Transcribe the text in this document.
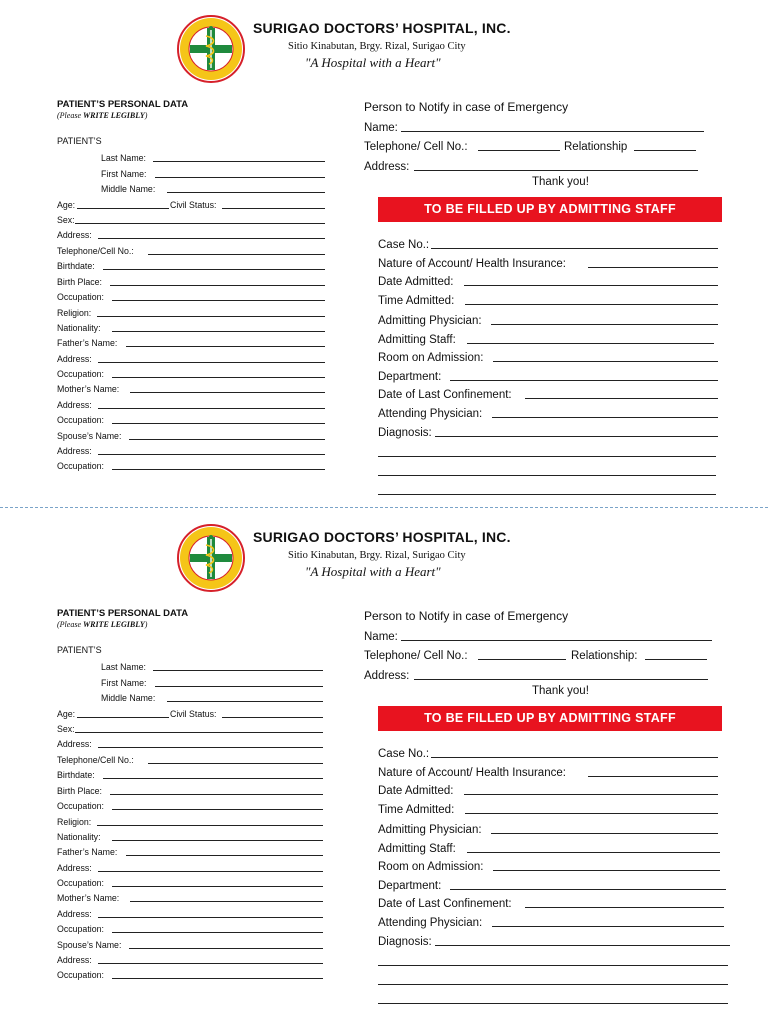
SURIGAO DOCTORS’ HOSPITAL, INC.
Sitio Kinabutan, Brgy. Rizal, Surigao City
"A Hospital with a Heart"
PATIENT’S PERSONAL DATA
(Please WRITE LEGIBLY)
PATIENT’S
Last Name:
First Name:
Middle Name:
Age:	Civil Status:
Sex:
Address:
Telephone/Cell No.:
Birthdate:
Birth Place:
Occupation:
Religion:
Nationality:
Father’s Name:
Address:
Occupation:
Mother’s Name:
Address:
Occupation:
Spouse’s Name:
Address:
Occupation:
Person to Notify in case of Emergency
Name:
Telephone/ Cell No.:	Relationship
Address:
Thank you!
TO BE FILLED UP BY ADMITTING STAFF
Case No.:
Nature of Account/ Health Insurance:
Date Admitted:
Time Admitted:
Admitting Physician:
Admitting Staff:
Room on Admission:
Department:
Date of Last Confinement:
Attending Physician:
Diagnosis:
SURIGAO DOCTORS’ HOSPITAL, INC.
Sitio Kinabutan, Brgy. Rizal, Surigao City
"A Hospital with a Heart"
PATIENT’S PERSONAL DATA
(Please WRITE LEGIBLY)
PATIENT’S
Last Name:
First Name:
Middle Name:
Age:	Civil Status:
Sex:
Address:
Telephone/Cell No.:
Birthdate:
Birth Place:
Occupation:
Religion:
Nationality:
Father’s Name:
Address:
Occupation:
Mother’s Name:
Address:
Occupation:
Spouse’s Name:
Address:
Occupation:
Person to Notify in case of Emergency
Name:
Telephone/ Cell No.:	Relationship:
Address:
Thank you!
TO BE FILLED UP BY ADMITTING STAFF
Case No.:
Nature of Account/ Health Insurance:
Date Admitted:
Time Admitted:
Admitting Physician:
Admitting Staff:
Room on Admission:
Department:
Date of Last Confinement:
Attending Physician:
Diagnosis:
